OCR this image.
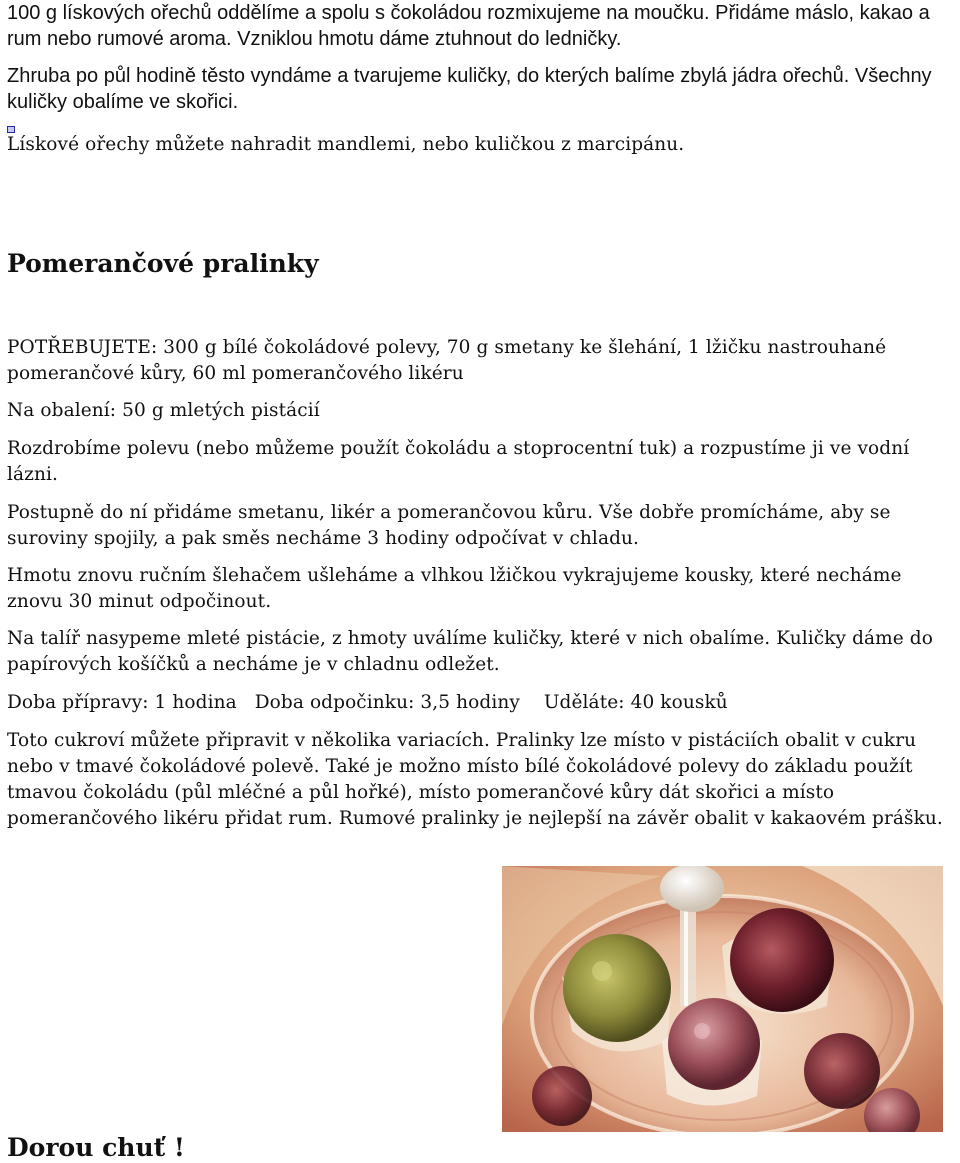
100 g lískových ořechů oddělíme a spolu s čokoládou rozmixujeme na moučku. Přidáme máslo, kakao a rum nebo rumové aroma. Vzniklou hmotu dáme ztuhnout do ledničky.

Zhruba po půl hodině těsto vyndáme a tvarujeme kuličky, do kterých balíme zbylá jádra ořechů. Všechny kuličky obalíme ve skořici.

Lískové ořechy můžete nahradit mandlemi, nebo kuličkou z marcipánu.

Pomerančové pralinky

POTŘEBUJETE: 300 g bílé čokoládové polevy, 70 g smetany ke šlehání, 1 lžičku nastrouhané pomerančové kůry, 60 ml pomerančového likéru

Na obalení: 50 g mletých pistácií

Rozdrobíme polevu (nebo můžeme použít čokoládu a stoprocentní tuk) a rozpustíme ji ve vodní lázni.

Postupně do ní přidáme smetanu, likér a pomerančovou kůru. Vše dobře promícháme, aby se suroviny spojily, a pak směs necháme 3 hodiny odpočívat v chladu.

Hmotu znovu ručním šlehačem ušleháme a vlhkou lžičkou vykrajujeme kousky, které necháme znovu 30 minut odpočinout.

Na talíř nasypeme mleté pistácie, z hmoty uválíme kuličky, které v nich obalíme. Kuličky dáme do papírových košíčků a necháme je v chladnu odležet.

Doba přípravy: 1 hodina Doba odpočinku: 3,5 hodiny Uděláte: 40 kousků

Toto cukroví můžete připravit v několika variacích. Pralinky lze místo v pistáciích obalit v cukru nebo v tmavé čokoládové polevě. Také je možno místo bílé čokoládové polevy do základu použít tmavou čokoládu (půl mléčné a půl hořké), místo pomerančové kůry dát skořici a místo pomerančového likéru přidat rum. Rumové pralinky je nejlepší na závěr obalit v kakaovém prášku.

Dorou chuť !
